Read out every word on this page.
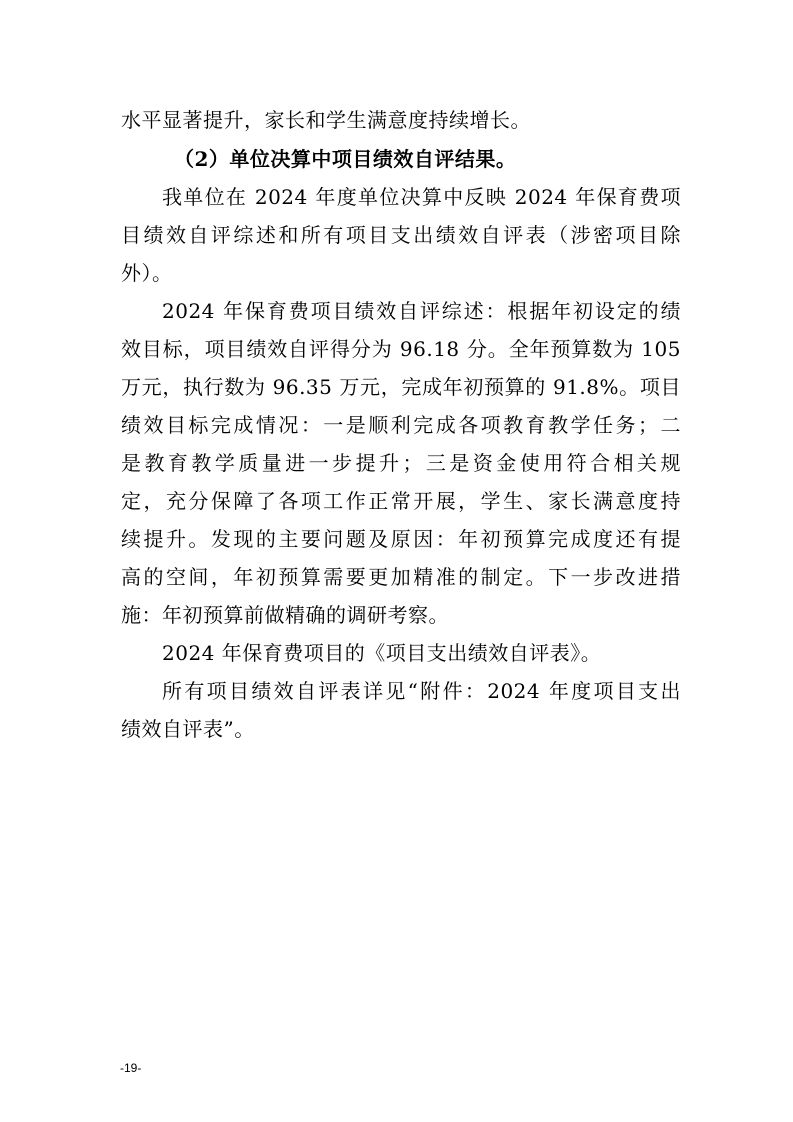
水平显著提升，家长和学生满意度持续增长。
（2）单位决算中项目绩效自评结果。
我单位在 2024 年度单位决算中反映 2024 年保育费项
目绩效自评综述和所有项目支出绩效自评表（涉密项目除
外）。
2024 年保育费项目绩效自评综述：根据年初设定的绩
效目标，项目绩效自评得分为 96.18 分。全年预算数为 105
万元，执行数为 96.35 万元，完成年初预算的 91.8%。项目
绩效目标完成情况：一是顺利完成各项教育教学任务；二
是教育教学质量进一步提升；三是资金使用符合相关规
定，充分保障了各项工作正常开展，学生、家长满意度持
续提升。发现的主要问题及原因：年初预算完成度还有提
高的空间，年初预算需要更加精准的制定。下一步改进措
施：年初预算前做精确的调研考察。
2024 年保育费项目的《项目支出绩效自评表》。
所有项目绩效自评表详见“附件：2024 年度项目支出
绩效自评表”。
-19-
